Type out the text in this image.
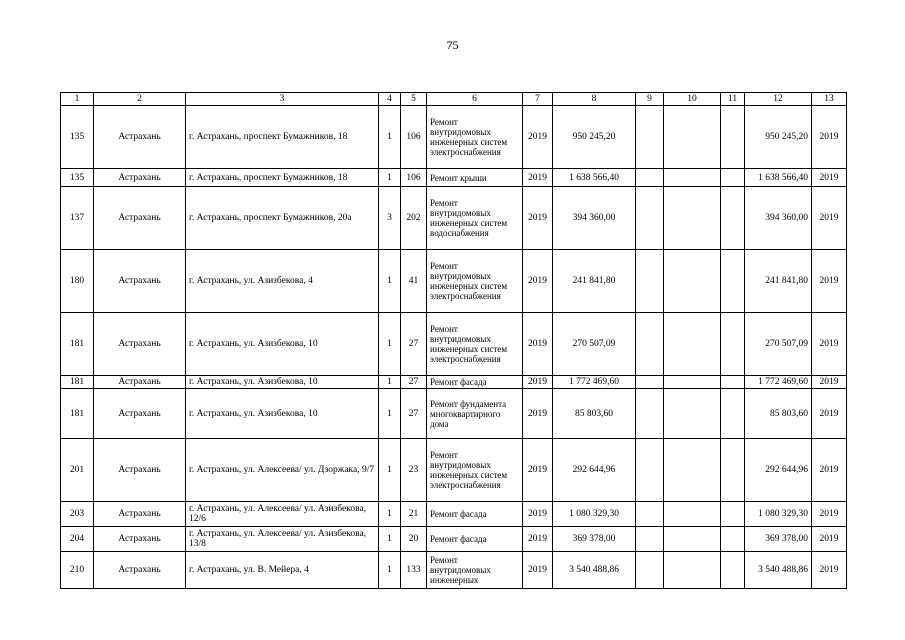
75
1	2	3	4	5	6	7	8	9	10	11	12	13
135	Астрахань	г. Астрахань, проспект Бумажников, 18	1	106	Ремонт внутридомовых инженерных систем электроснабжения	2019	950 245,20				950 245,20	2019
135	Астрахань	г. Астрахань, проспект Бумажников, 18	1	106	Ремонт крыши	2019	1 638 566,40				1 638 566,40	2019
137	Астрахань	г. Астрахань, проспект Бумажников, 20а	3	202	Ремонт внутридомовых инженерных систем водоснабжения	2019	394 360,00				394 360,00	2019
180	Астрахань	г. Астрахань, ул. Азизбекова, 4	1	41	Ремонт внутридомовых инженерных систем электроснабжения	2019	241 841,80				241 841,80	2019
181	Астрахань	г. Астрахань, ул. Азизбекова, 10	1	27	Ремонт внутридомовых инженерных систем электроснабжения	2019	270 507,09				270 507,09	2019
181	Астрахань	г. Астрахань, ул. Азизбекова, 10	1	27	Ремонт фасада	2019	1 772 469,60				1 772 469,60	2019
181	Астрахань	г. Астрахань, ул. Азизбекова, 10	1	27	Ремонт фундамента многоквартирного дома	2019	85 803,60				85 803,60	2019
201	Астрахань	г. Астрахань, ул. Алексеева/ ул. Дзоржака, 9/7	1	23	Ремонт внутридомовых инженерных систем электроснабжения	2019	292 644,96				292 644,96	2019
203	Астрахань	г. Астрахань, ул. Алексеева/ ул. Азизбекова, 12/6	1	21	Ремонт фасада	2019	1 080 329,30				1 080 329,30	2019
204	Астрахань	г. Астрахань, ул. Алексеева/ ул. Азизбекова, 13/8	1	20	Ремонт фасада	2019	369 378,00				369 378,00	2019
210	Астрахань	г. Астрахань, ул. В. Мейера, 4	1	133	Ремонт внутридомовых инженерных	2019	3 540 488,86				3 540 488,86	2019
